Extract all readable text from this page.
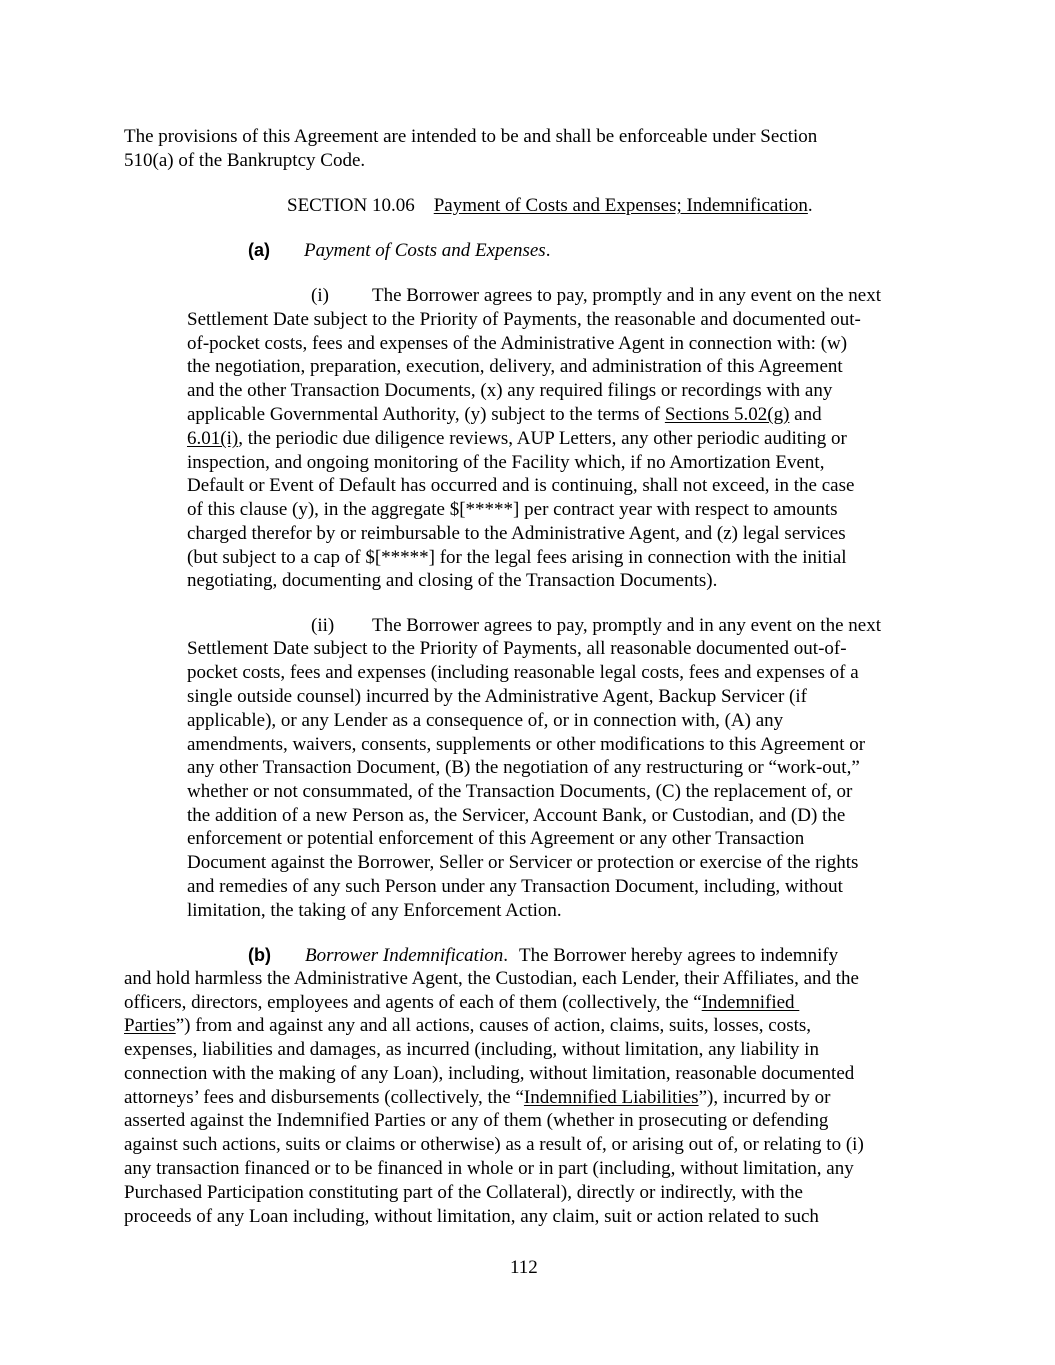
The provisions of this Agreement are intended to be and shall be enforceable under Section

510(a) of the Bankruptcy Code.

SECTION 10.06 Payment of Costs and Expenses; Indemnification.

(a) Payment of Costs and Expenses.

(i) The Borrower agrees to pay, promptly and in any event on the next

Settlement Date subject to the Priority of Payments, the reasonable and documented out-

of-pocket costs, fees and expenses of the Administrative Agent in connection with: (w)

the negotiation, preparation, execution, delivery, and administration of this Agreement

and the other Transaction Documents, (x) any required filings or recordings with any

applicable Governmental Authority, (y) subject to the terms of Sections 5.02(g) and

6.01(i), the periodic due diligence reviews, AUP Letters, any other periodic auditing or

inspection, and ongoing monitoring of the Facility which, if no Amortization Event,

Default or Event of Default has occurred and is continuing, shall not exceed, in the case

of this clause (y), in the aggregate $[*****] per contract year with respect to amounts

charged therefor by or reimbursable to the Administrative Agent, and (z) legal services

(but subject to a cap of $[*****] for the legal fees arising in connection with the initial

negotiating, documenting and closing of the Transaction Documents).

(ii) The Borrower agrees to pay, promptly and in any event on the next

Settlement Date subject to the Priority of Payments, all reasonable documented out-of-

pocket costs, fees and expenses (including reasonable legal costs, fees and expenses of a

single outside counsel) incurred by the Administrative Agent, Backup Servicer (if

applicable), or any Lender as a consequence of, or in connection with, (A) any

amendments, waivers, consents, supplements or other modifications to this Agreement or

any other Transaction Document, (B) the negotiation of any restructuring or “work-out,”

whether or not consummated, of the Transaction Documents, (C) the replacement of, or

the addition of a new Person as, the Servicer, Account Bank, or Custodian, and (D) the

enforcement or potential enforcement of this Agreement or any other Transaction

Document against the Borrower, Seller or Servicer or protection or exercise of the rights

and remedies of any such Person under any Transaction Document, including, without

limitation, the taking of any Enforcement Action.

(b) Borrower Indemnification. The Borrower hereby agrees to indemnify

and hold harmless the Administrative Agent, the Custodian, each Lender, their Affiliates, and the

officers, directors, employees and agents of each of them (collectively, the “Indemnified

Parties”) from and against any and all actions, causes of action, claims, suits, losses, costs,

expenses, liabilities and damages, as incurred (including, without limitation, any liability in

connection with the making of any Loan), including, without limitation, reasonable documented

attorneys’ fees and disbursements (collectively, the “Indemnified Liabilities”), incurred by or

asserted against the Indemnified Parties or any of them (whether in prosecuting or defending

against such actions, suits or claims or otherwise) as a result of, or arising out of, or relating to (i)

any transaction financed or to be financed in whole or in part (including, without limitation, any

Purchased Participation constituting part of the Collateral), directly or indirectly, with the

proceeds of any Loan including, without limitation, any claim, suit or action related to such

112
